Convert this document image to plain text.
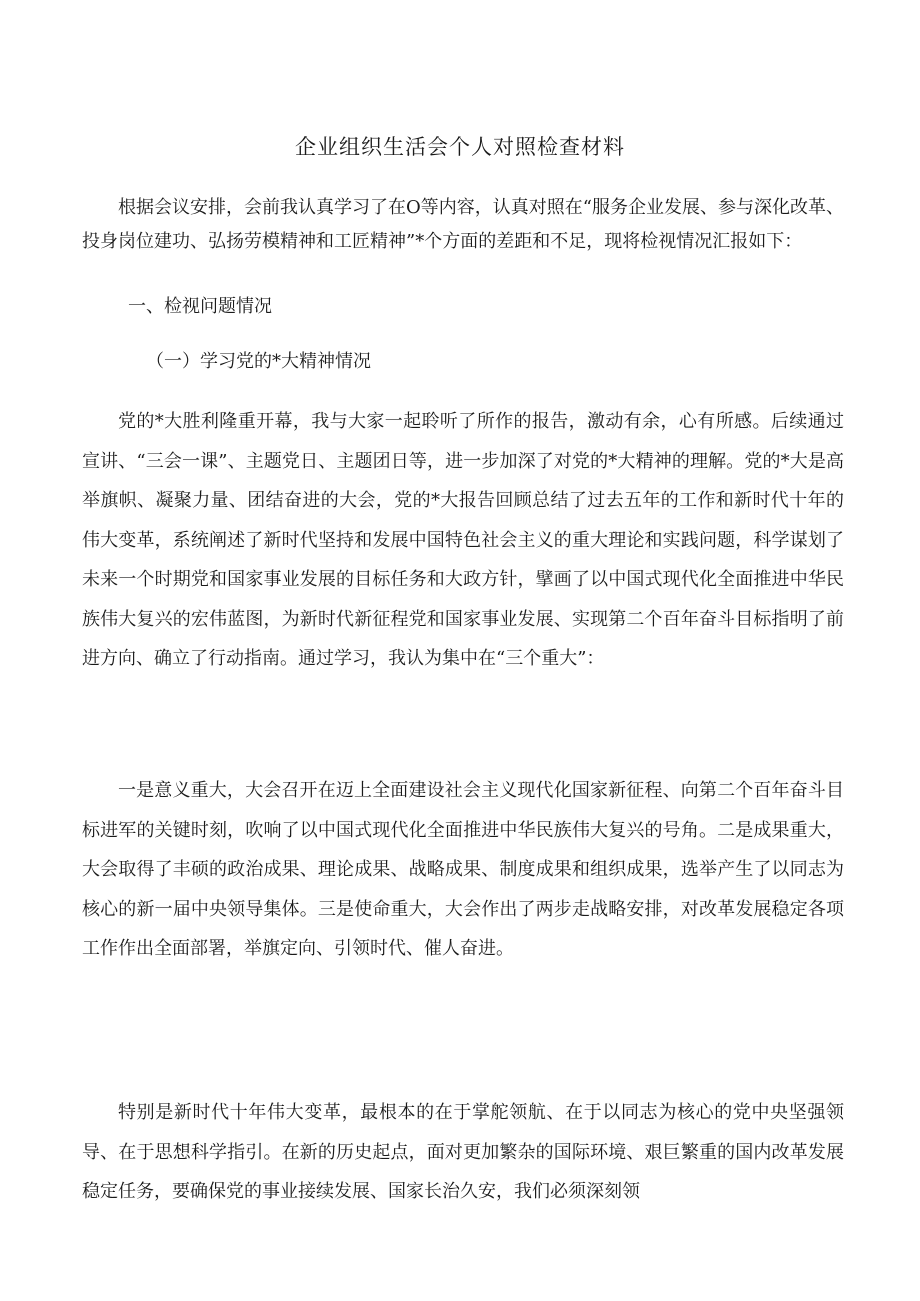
企业组织生活会个人对照检查材料

根据会议安排，会前我认真学习了在O等内容，认真对照在“服务企业发展、参与深化改革、投身岗位建功、弘扬劳模精神和工匠精神”*个方面的差距和不足，现将检视情况汇报如下：

一、检视问题情况
（一）学习党的*大精神情况

党的*大胜利隆重开幕，我与大家一起聆听了所作的报告，激动有余，心有所感。后续通过宣讲、“三会一课”、主题党日、主题团日等，进一步加深了对党的*大精神的理解。党的*大是高举旗帜、凝聚力量、团结奋进的大会，党的*大报告回顾总结了过去五年的工作和新时代十年的伟大变革，系统阐述了新时代坚持和发展中国特色社会主义的重大理论和实践问题，科学谋划了未来一个时期党和国家事业发展的目标任务和大政方针，擘画了以中国式现代化全面推进中华民族伟大复兴的宏伟蓝图，为新时代新征程党和国家事业发展、实现第二个百年奋斗目标指明了前进方向、确立了行动指南。通过学习，我认为集中在“三个重大”：

一是意义重大，大会召开在迈上全面建设社会主义现代化国家新征程、向第二个百年奋斗目标进军的关键时刻，吹响了以中国式现代化全面推进中华民族伟大复兴的号角。二是成果重大，大会取得了丰硕的政治成果、理论成果、战略成果、制度成果和组织成果，选举产生了以同志为核心的新一届中央领导集体。三是使命重大，大会作出了两步走战略安排，对改革发展稳定各项工作作出全面部署，举旗定向、引领时代、催人奋进。

特别是新时代十年伟大变革，最根本的在于掌舵领航、在于以同志为核心的党中央坚强领导、在于思想科学指引。在新的历史起点，面对更加繁杂的国际环境、艰巨繁重的国内改革发展稳定任务，要确保党的事业接续发展、国家长治久安，我们必须深刻领
